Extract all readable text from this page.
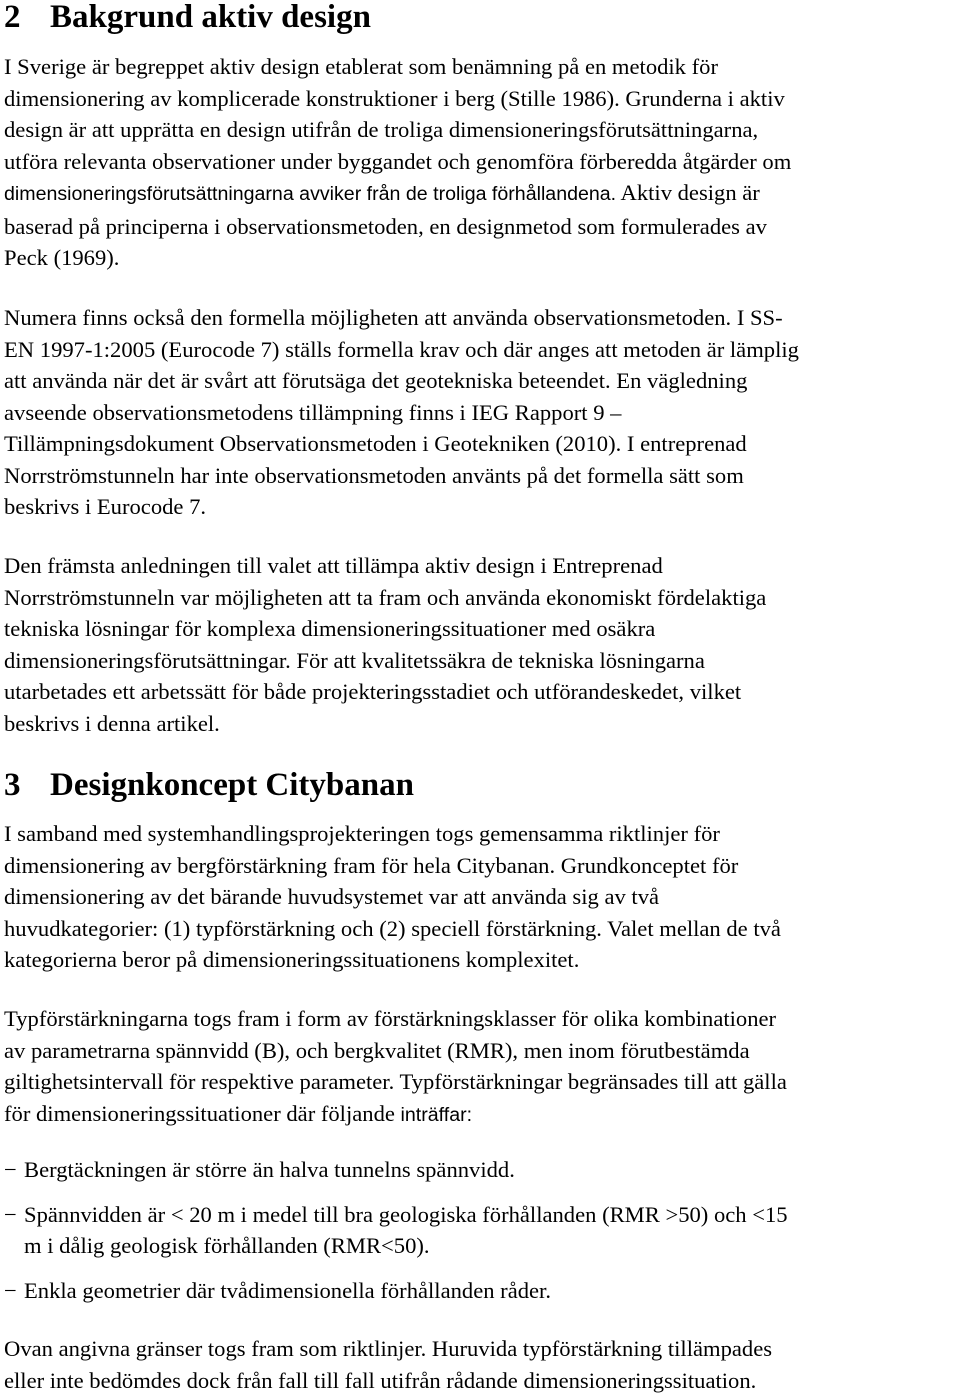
2 Bakgrund aktiv design

I Sverige är begreppet aktiv design etablerat som benämning på en metodik för
dimensionering av komplicerade konstruktioner i berg (Stille 1986). Grunderna i aktiv
design är att upprätta en design utifrån de troliga dimensioneringsförutsättningarna,
utföra relevanta observationer under byggandet och genomföra förberedda åtgärder om
dimensioneringsförutsättningarna avviker från de troliga förhållandena. Aktiv design är
baserad på principerna i observationsmetoden, en designmetod som formulerades av
Peck (1969).

Numera finns också den formella möjligheten att använda observationsmetoden. I SS-
EN 1997-1:2005 (Eurocode 7) ställs formella krav och där anges att metoden är lämplig
att använda när det är svårt att förutsäga det geotekniska beteendet. En vägledning
avseende observationsmetodens tillämpning finns i IEG Rapport 9 –
Tillämpningsdokument Observationsmetoden i Geotekniken (2010). I entreprenad
Norrströmstunneln har inte observationsmetoden använts på det formella sätt som
beskrivs i Eurocode 7.

Den främsta anledningen till valet att tillämpa aktiv design i Entreprenad
Norrströmstunneln var möjligheten att ta fram och använda ekonomiskt fördelaktiga
tekniska lösningar för komplexa dimensioneringssituationer med osäkra
dimensioneringsförutsättningar. För att kvalitetssäkra de tekniska lösningarna
utarbetades ett arbetssätt för både projekteringsstadiet och utförandeskedet, vilket
beskrivs i denna artikel.

3 Designkoncept Citybanan

I samband med systemhandlingsprojekteringen togs gemensamma riktlinjer för
dimensionering av bergförstärkning fram för hela Citybanan. Grundkonceptet för
dimensionering av det bärande huvudsystemet var att använda sig av två
huvudkategorier: (1) typförstärkning och (2) speciell förstärkning. Valet mellan de två
kategorierna beror på dimensioneringssituationens komplexitet.

Typförstärkningarna togs fram i form av förstärkningsklasser för olika kombinationer
av parametrarna spännvidd (B), och bergkvalitet (RMR), men inom förutbestämda
giltighetsintervall för respektive parameter. Typförstärkningar begränsades till att gälla
för dimensioneringssituationer där följande inträffar:

− Bergtäckningen är större än halva tunnelns spännvidd.
− Spännvidden är < 20 m i medel till bra geologiska förhållanden (RMR >50) och <15
m i dålig geologisk förhållanden (RMR<50).
− Enkla geometrier där tvådimensionella förhållanden råder.

Ovan angivna gränser togs fram som riktlinjer. Huruvida typförstärkning tillämpades
eller inte bedömdes dock från fall till fall utifrån rådande dimensioneringssituation.
